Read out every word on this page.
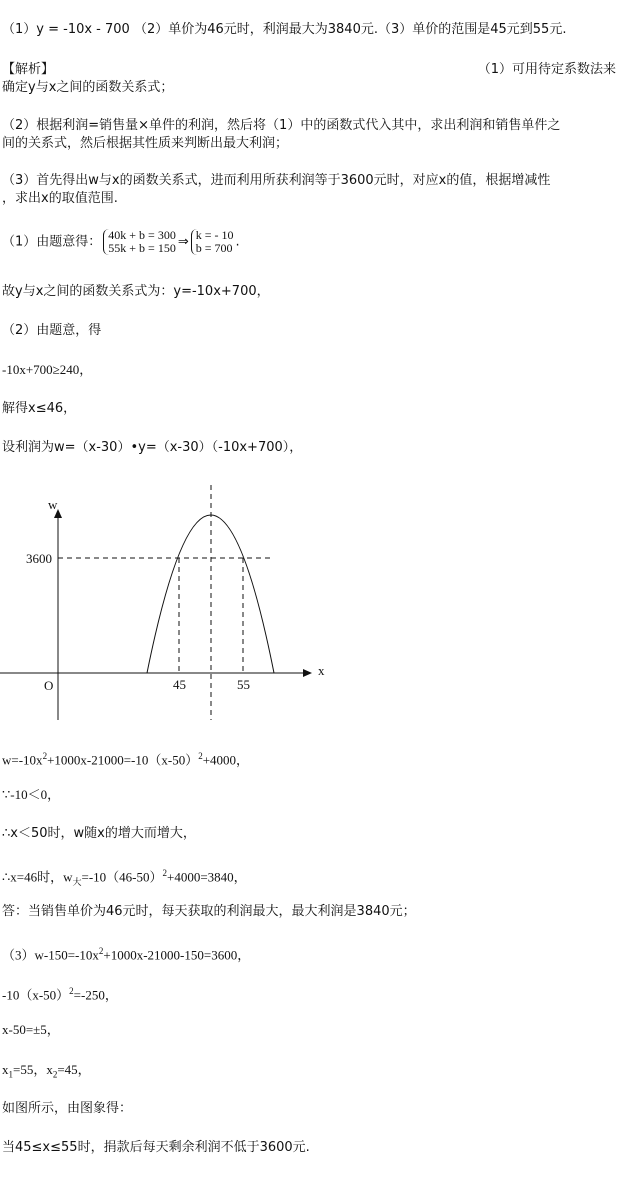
（1）y = -10x - 700 （2）单价为46元时，利润最大为3840元.（3）单价的范围是45元到55元.
【解析】	（1）可用待定系数法来
确定y与x之间的函数关系式；
（2）根据利润=销售量×单件的利润，然后将（1）中的函数式代入其中，求出利润和销售单件之
间的关系式，然后根据其性质来判断出最大利润；
（3）首先得出w与x的函数关系式，进而利用所获利润等于3600元时，对应x的值，根据增减性
，求出x的取值范围.
（1）由题意得： 40k + b = 300
55k + b = 150 ⇒ k = - 10
b = 700 .
故y与x之间的函数关系式为：y=-10x+700，
（2）由题意，得
-10x+700≥240，
解得x≤46，
设利润为w=（x-30）•y=（x-30）（-10x+700），
w
x
O
3600
45	55
$w=-10x^2+1000x-21000=-10(x-50)^2+4000$，
∵-10＜0，
∴x＜50时，w随x的增大而增大，
∴x=46时，$w_大=-10(46-50)^2+4000=3840$，
答：当销售单价为46元时，每天获取的利润最大，最大利润是3840元；
$(3)w-150=-10x^2+1000x-21000-150=3600$，
$-10(x-50)^2=-250$，
x-50=±5，
$x_1=55$，$x_2=45$，
如图所示，由图象得：
当45≤x≤55时，捐款后每天剩余利润不低于3600元.
